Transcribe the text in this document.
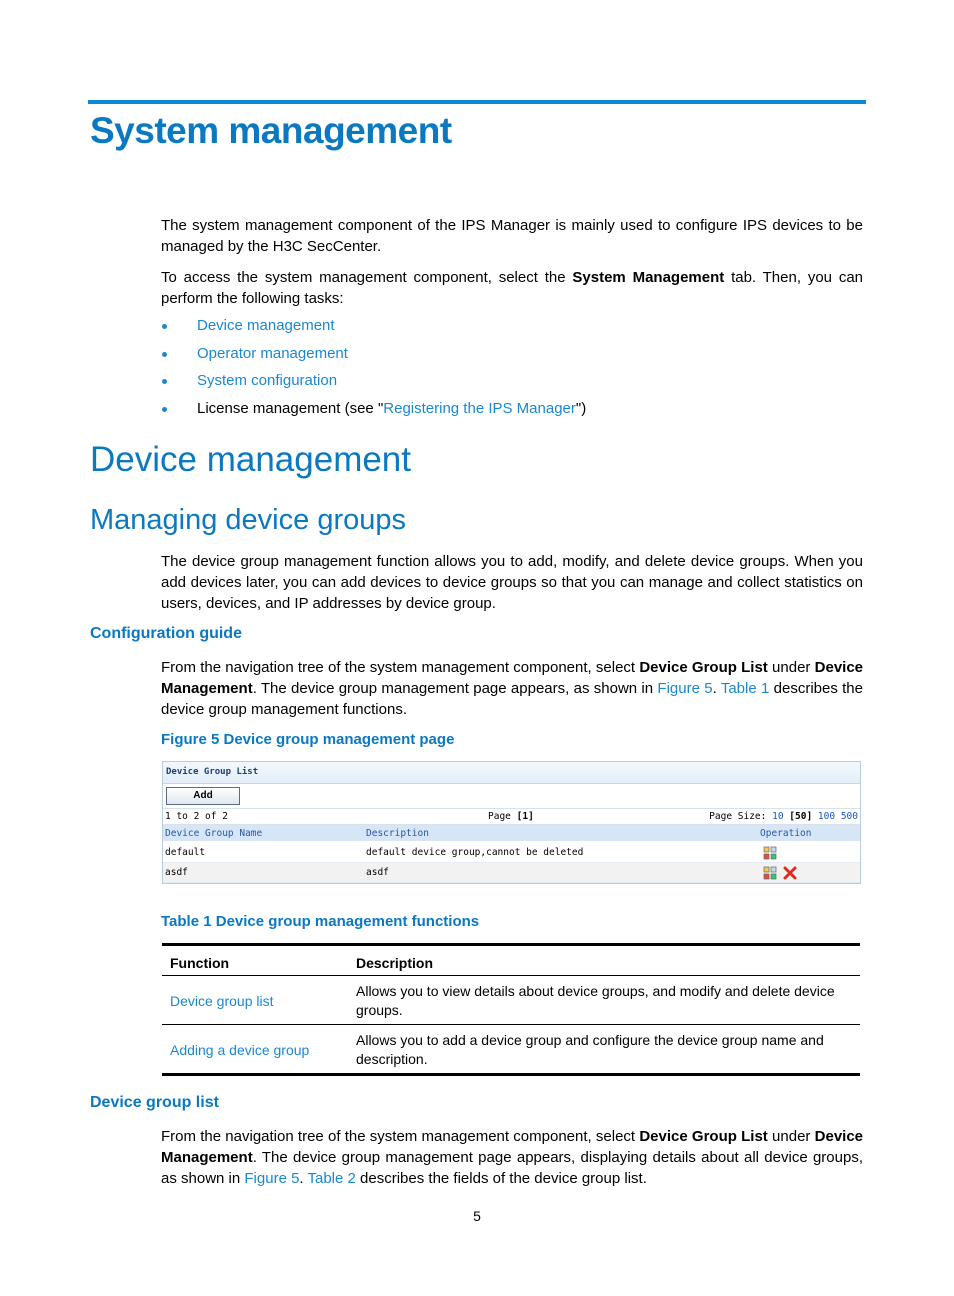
System management

The system management component of the IPS Manager is mainly used to configure IPS devices to be managed by the H3C SecCenter.

To access the system management component, select the System Management tab. Then, you can perform the following tasks:

Device management
Operator management
System configuration
License management (see "Registering the IPS Manager")
Device management
Managing device groups

The device group management function allows you to add, modify, and delete device groups. When you add devices later, you can add devices to device groups so that you can manage and collect statistics on users, devices, and IP addresses by device group.

Configuration guide

From the navigation tree of the system management component, select Device Group List under Device Management. The device group management page appears, as shown in Figure 5. Table 1 describes the device group management functions.

Figure 5 Device group management page

Device Group List
Add
1 to 2 of 2	Page [1]	Page Size: 10 [50] 100 500
Device Group Name	Description	Operation
default	default device group,cannot be deleted
asdf	asdf

Table 1 Device group management functions

Function	Description
Device group list	Allows you to view details about device groups, and modify and delete device groups.
Adding a device group	Allows you to add a device group and configure the device group name and description.
Device group list

From the navigation tree of the system management component, select Device Group List under Device Management. The device group management page appears, displaying details about all device groups, as shown in Figure 5. Table 2 describes the fields of the device group list.

5
